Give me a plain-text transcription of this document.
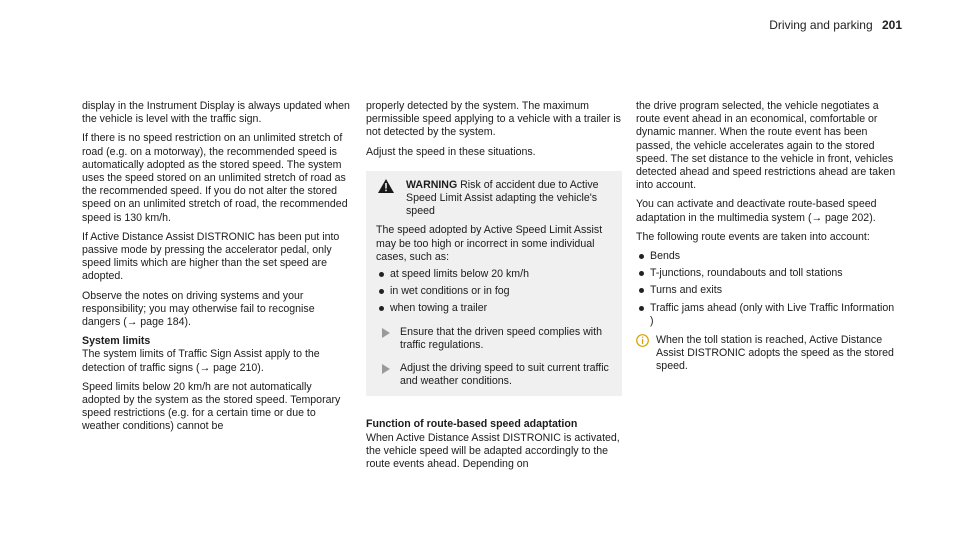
Driving and parking 201

display in the Instrument Display is always updated when the vehicle is level with the traffic sign.

If there is no speed restriction on an unlimited stretch of road (e.g. on a motorway), the recommended speed is automatically adopted as the stored speed. The system uses the speed stored on an unlimited stretch of road as the recommended speed. If you do not alter the stored speed on an unlimited stretch of road, the recommended speed is 130 km/h.

If Active Distance Assist DISTRONIC has been put into passive mode by pressing the accelerator pedal, only speed limits which are higher than the set speed are adopted.

Observe the notes on driving systems and your responsibility; you may otherwise fail to recognise dangers (→ page 184).

System limits

The system limits of Traffic Sign Assist apply to the detection of traffic signs (→ page 210).

Speed limits below 20 km/h are not automatically adopted by the system as the stored speed. Temporary speed restrictions (e.g. for a certain time or due to weather conditions) cannot be

properly detected by the system. The maximum permissible speed applying to a vehicle with a trailer is not detected by the system.

Adjust the speed in these situations.

WARNING Risk of accident due to Active Speed Limit Assist adapting the vehicle's speed
The speed adopted by Active Speed Limit Assist may be too high or incorrect in some individual cases, such as:
at speed limits below 20 km/h
in wet conditions or in fog
when towing a trailer
Ensure that the driven speed complies with traffic regulations.
Adjust the driving speed to suit current traffic and weather conditions.
Function of route-based speed adaptation

When Active Distance Assist DISTRONIC is activated, the vehicle speed will be adapted accordingly to the route events ahead. Depending on

the drive program selected, the vehicle negotiates a route event ahead in an economical, comfortable or dynamic manner. When the route event has been passed, the vehicle accelerates again to the stored speed. The set distance to the vehicle in front, vehicles detected ahead and speed restrictions ahead are taken into account.

You can activate and deactivate route-based speed adaptation in the multimedia system (→ page 202).

The following route events are taken into account:

Bends
T-junctions, roundabouts and toll stations
Turns and exits
Traffic jams ahead (only with Live Traffic Information )
When the toll station is reached, Active Distance Assist DISTRONIC adopts the speed as the stored speed.
